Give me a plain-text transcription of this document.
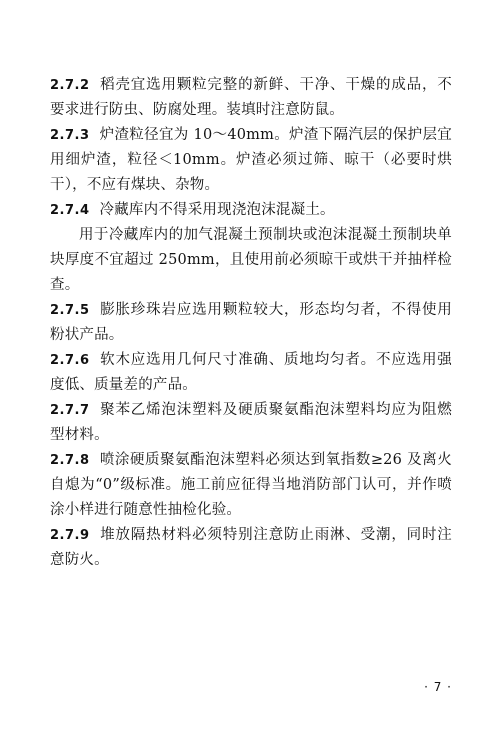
2.7.2 稻壳宜选用颗粒完整的新鲜、干净、干燥的成品，不要求进行防虫、防腐处理。装填时注意防鼠。

2.7.3 炉渣粒径宜为 10～40mm。炉渣下隔汽层的保护层宜用细炉渣，粒径＜10mm。炉渣必须过筛、晾干（必要时烘干），不应有煤块、杂物。

2.7.4 冷藏库内不得采用现浇泡沫混凝土。

用于冷藏库内的加气混凝土预制块或泡沫混凝土预制块单块厚度不宜超过 250mm，且使用前必须晾干或烘干并抽样检查。

2.7.5 膨胀珍珠岩应选用颗粒较大，形态均匀者，不得使用粉状产品。

2.7.6 软木应选用几何尺寸准确、质地均匀者。不应选用强度低、质量差的产品。

2.7.7 聚苯乙烯泡沫塑料及硬质聚氨酯泡沫塑料均应为阻燃型材料。

2.7.8 喷涂硬质聚氨酯泡沫塑料必须达到氧指数≥26 及离火自熄为“0”级标准。施工前应征得当地消防部门认可，并作喷涂小样进行随意性抽检化验。

2.7.9 堆放隔热材料必须特别注意防止雨淋、受潮，同时注意防火。

· 7 ·
